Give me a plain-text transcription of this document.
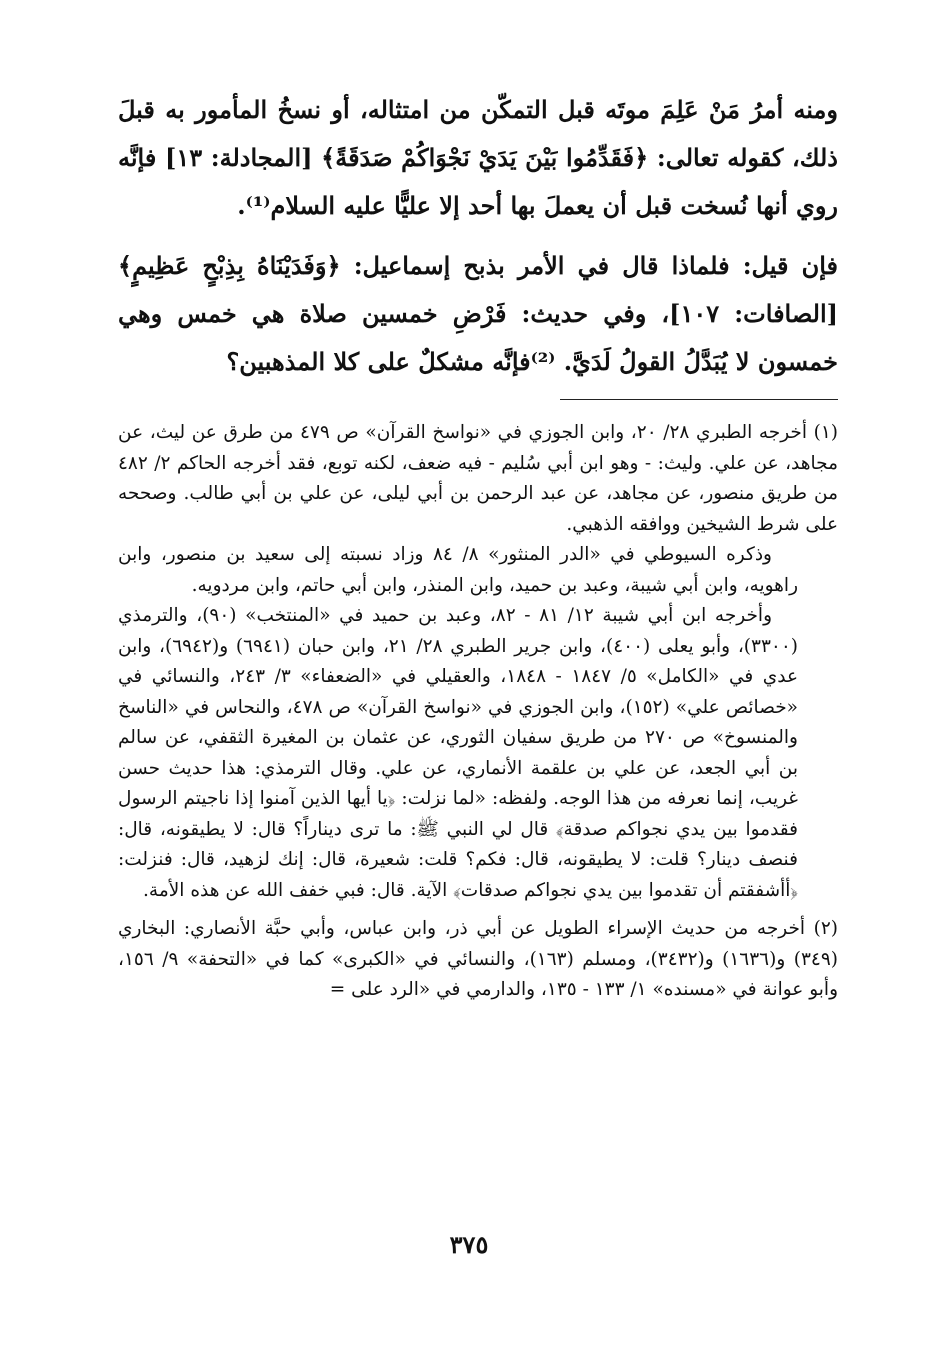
ومنه أمرُ مَنْ عَلِمَ موتَه قبل التمكّن من امتثاله، أو نسخُ المأمور به قبلَ ذلك، كقوله تعالى: ﴿فَقَدِّمُوا بَيْنَ يَدَيْ نَجْوَاكُمْ صَدَقَةً﴾ [المجادلة: ١٣] فإنَّه روي أنها نُسخت قبل أن يعملَ بها أحد إلا عليًّا عليه السلام⁽¹⁾.

فإن قيل: فلماذا قال في الأمر بذبح إسماعيل: ﴿وَفَدَيْنَاهُ بِذِبْحٍ عَظِيمٍ﴾ [الصافات: ١٠٧]، وفي حديث: فَرْضِ خمسين صلاة هي خمس وهي خمسون لا يُبَدَّلُ القولُ لَدَيَّ. ⁽²⁾فإنَّه مشكلٌ على كلا المذهبين؟

(١) أخرجه الطبري ٢٨/ ٢٠، وابن الجوزي في «نواسخ القرآن» ص ٤٧٩ من طرق عن ليث، عن مجاهد، عن علي. وليث: - وهو ابن أبي سُليم - فيه ضعف، لكنه توبع، فقد أخرجه الحاكم ٢/ ٤٨٢ من طريق منصور، عن مجاهد، عن عبد الرحمن بن أبي ليلى، عن علي بن أبي طالب. وصححه على شرط الشيخين ووافقه الذهبي.

وذكره السيوطي في «الدر المنثور» ٨/ ٨٤ وزاد نسبته إلى سعيد بن منصور، وابن راهويه، وابن أبي شيبة، وعبد بن حميد، وابن المنذر، وابن أبي حاتم، وابن مردويه.

وأخرجه ابن أبي شيبة ١٢/ ٨١ - ٨٢، وعبد بن حميد في «المنتخب» (٩٠)، والترمذي (٣٣٠٠)، وأبو يعلى (٤٠٠)، وابن جرير الطبري ٢٨/ ٢١، وابن حبان (٦٩٤١) و(٦٩٤٢)، وابن عدي في «الكامل» ٥/ ١٨٤٧ - ١٨٤٨، والعقيلي في «الضعفاء» ٣/ ٢٤٣، والنسائي في «خصائص علي» (١٥٢)، وابن الجوزي في «نواسخ القرآن» ص ٤٧٨، والنحاس في «الناسخ والمنسوخ» ص ٢٧٠ من طريق سفيان الثوري، عن عثمان بن المغيرة الثقفي، عن سالم بن أبي الجعد، عن علي بن علقمة الأنماري، عن علي. وقال الترمذي: هذا حديث حسن غريب، إنما نعرفه من هذا الوجه. ولفظه: «لما نزلت: ﴿يا أيها الذين آمنوا إذا ناجيتم الرسول فقدموا بين يدي نجواكم صدقة﴾ قال لي النبي ﷺ: ما ترى ديناراً؟ قال: لا يطيقونه، قال: فنصف دينار؟ قلت: لا يطيقونه، قال: فكم؟ قلت: شعيرة، قال: إنك لزهيد، قال: فنزلت: ﴿أأشفقتم أن تقدموا بين يدي نجواكم صدقات﴾ الآية. قال: فبي خفف الله عن هذه الأمة.

(٢) أخرجه من حديث الإسراء الطويل عن أبي ذر، وابن عباس، وأبي حبَّة الأنصاري: البخاري (٣٤٩) و(١٦٣٦) و(٣٤٣٢)، ومسلم (١٦٣)، والنسائي في «الكبرى» كما في «التحفة» ٩/ ١٥٦، وأبو عوانة في «مسنده» ١/ ١٣٣ - ١٣٥، والدارمي في «الرد على =

٣٧٥
